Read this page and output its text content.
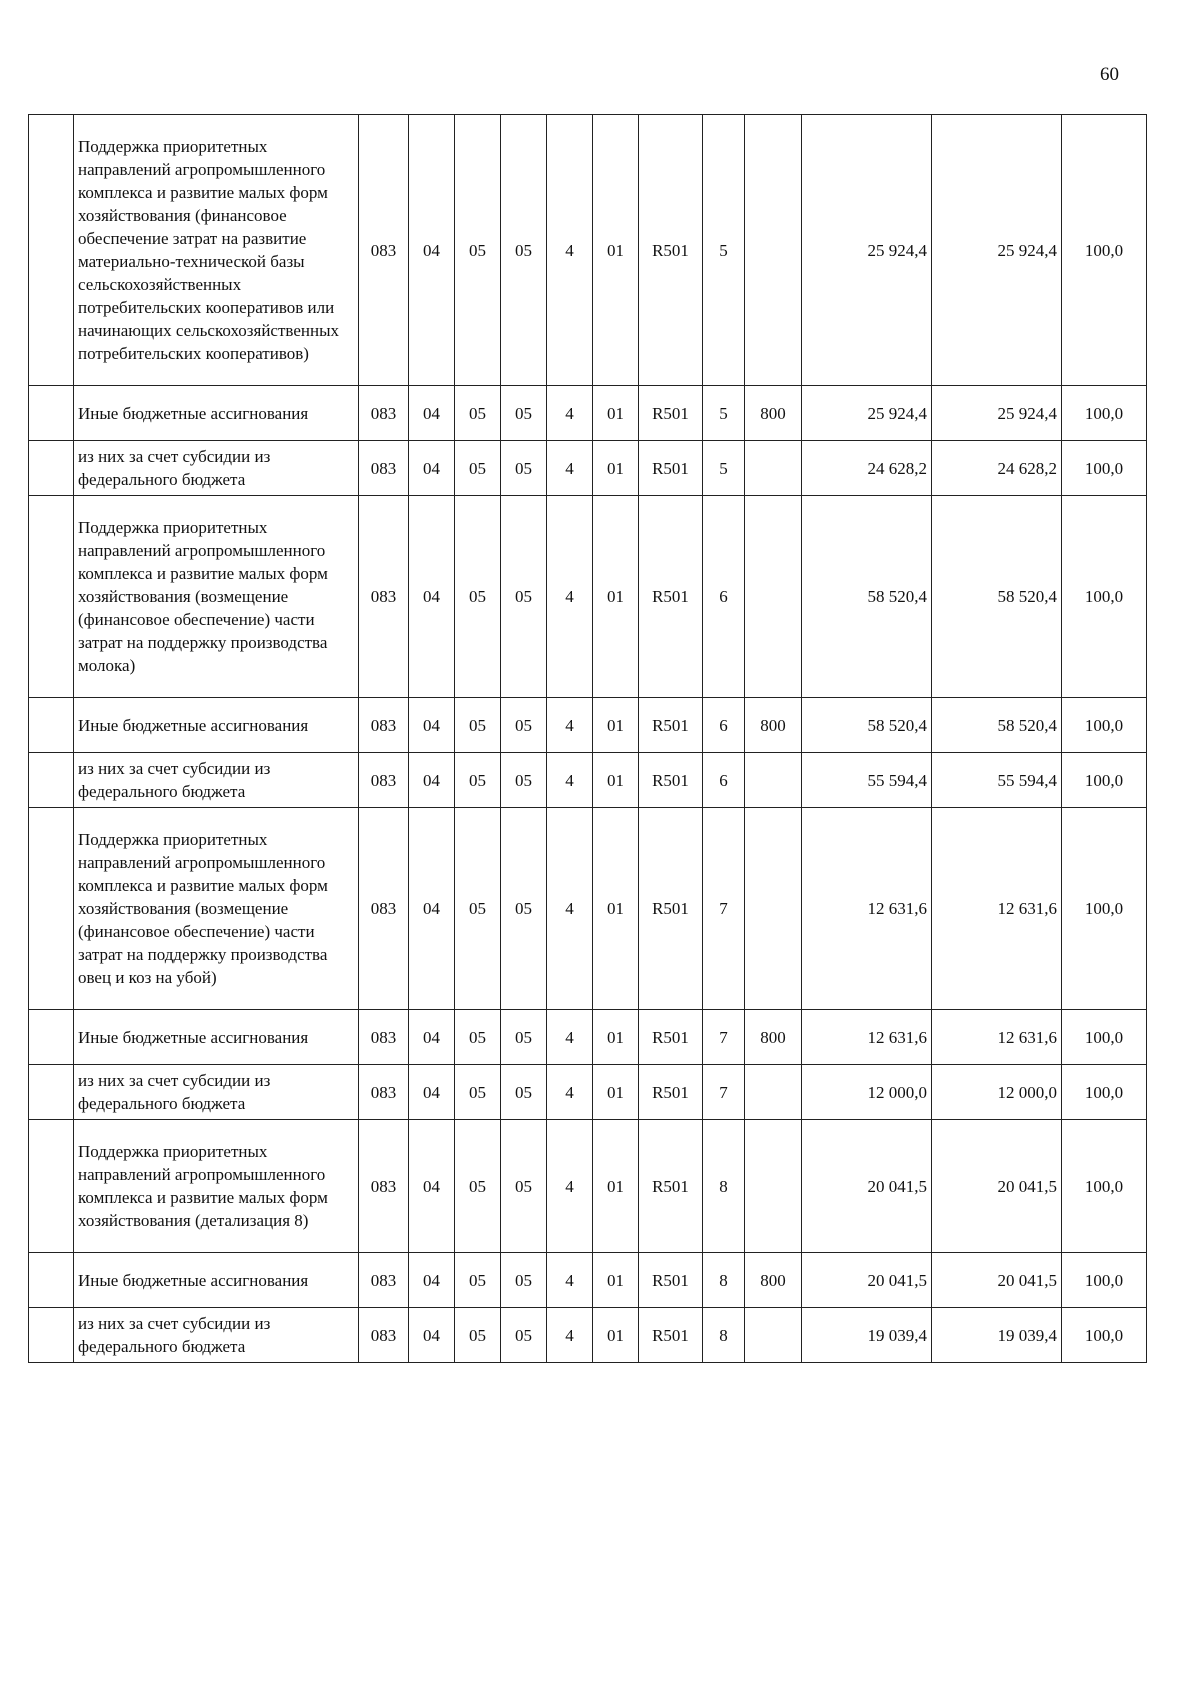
60
	Поддержка приоритетных направлений агропромышленного комплекса и развитие малых форм хозяйствования (финансовое обеспечение затрат на развитие материально-технической базы сельскохозяйственных потребительских кооперативов или начинающих сельскохозяйственных потребительских кооперативов)	083	04	05	05	4	01	R501	5		25 924,4	25 924,4	100,0
	Иные бюджетные ассигнования	083	04	05	05	4	01	R501	5	800	25 924,4	25 924,4	100,0
	из них за счет субсидии из федерального бюджета	083	04	05	05	4	01	R501	5		24 628,2	24 628,2	100,0
	Поддержка приоритетных направлений агропромышленного комплекса и развитие малых форм хозяйствования (возмещение (финансовое обеспечение) части затрат на поддержку производства молока)	083	04	05	05	4	01	R501	6		58 520,4	58 520,4	100,0
	Иные бюджетные ассигнования	083	04	05	05	4	01	R501	6	800	58 520,4	58 520,4	100,0
	из них за счет субсидии из федерального бюджета	083	04	05	05	4	01	R501	6		55 594,4	55 594,4	100,0
	Поддержка приоритетных направлений агропромышленного комплекса и развитие малых форм хозяйствования (возмещение (финансовое обеспечение) части затрат на поддержку производства овец и коз на убой)	083	04	05	05	4	01	R501	7		12 631,6	12 631,6	100,0
	Иные бюджетные ассигнования	083	04	05	05	4	01	R501	7	800	12 631,6	12 631,6	100,0
	из них за счет субсидии из федерального бюджета	083	04	05	05	4	01	R501	7		12 000,0	12 000,0	100,0
	Поддержка приоритетных направлений агропромышленного комплекса и развитие малых форм хозяйствования (детализация 8)	083	04	05	05	4	01	R501	8		20 041,5	20 041,5	100,0
	Иные бюджетные ассигнования	083	04	05	05	4	01	R501	8	800	20 041,5	20 041,5	100,0
	из них за счет субсидии из федерального бюджета	083	04	05	05	4	01	R501	8		19 039,4	19 039,4	100,0
